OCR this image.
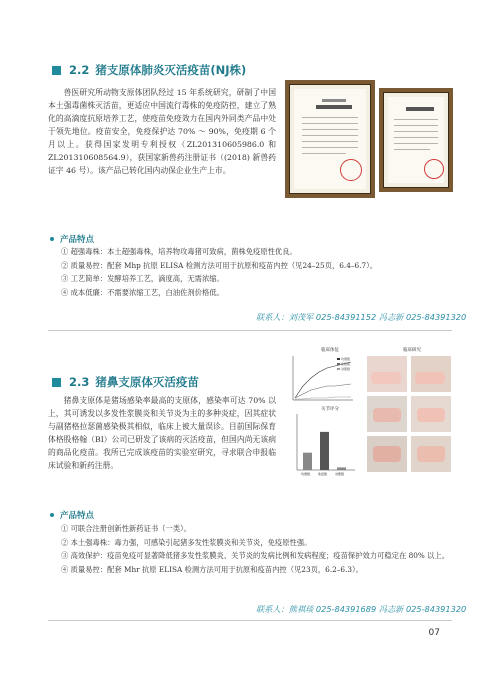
2.2 猪支原体肺炎灭活疫苗(NJ株)
兽医研究所动物支原体团队经过 15 年系统研究，研制了中国本土强毒菌株灭活苗，更适应中国流行毒株的免疫防控，建立了熟化的高滴度抗原培养工艺，使疫苗免疫效力在国内外同类产品中处于领先地位。疫苗安全，免疫保护达 70% ～ 90%，免疫期 6 个月以上。获得国家发明专利授权（ZL201310605986.0 和 ZL201310608564.9），获国家新兽药注册证书（(2018) 新兽药证字 46 号）。该产品已转化国内动保企业生产上市。
产品特点
① 超强毒株：本土超强毒株，培养物攻毒猪可致病，菌株免疫原性优良。
② 质量易控：配套 Mhp 抗原 ELISA 检测方法可用于抗原和疫苗内控（见24–25页，6.4–6.7）。
③ 工艺简单：发酵培养工艺，滴度高，无需浓缩。
④ 成本低廉：不需要浓缩工艺，白油佐剂价格低。
联系人：刘茂军 025-84391152 冯志新 025-84391320
2.3 猪鼻支原体灭活疫苗
猪鼻支原体是猪场感染率最高的支原体，感染率可达 70% 以上，其可诱发以多发性浆膜炎和关节炎为主的多种炎症，因其症状与副猪格拉瑟菌感染极其相似，临床上被大量误诊。目前国际保育体格股格翰（BI）公司已研发了该病的灭活疫苗，但国内尚无该病的商品化疫苗。我所已完成该疫苗的实验室研究，寻求联合申报临床试验和新药注册。
临床体征
攻毒组
免疫组
对照组
关节评分
攻毒组	免疫组	对照组
临床研究
产品特点
① 可联合注册创新性新药证书（一类）。
② 本土强毒株：毒力强，可感染引起猪多发性浆膜炎和关节炎，免疫原性强。
③ 高效保护：疫苗免疫可显著降低猪多发性浆膜炎、关节炎的发病比例和发病程度；疫苗保护效力可稳定在 80% 以上。
④ 质量易控：配套 Mhr 抗原 ELISA 检测方法可用于抗原和疫苗内控（见23页，6.2–6.3）。
联系人：熊祺琰 025-84391689 冯志新 025-84391320
07
